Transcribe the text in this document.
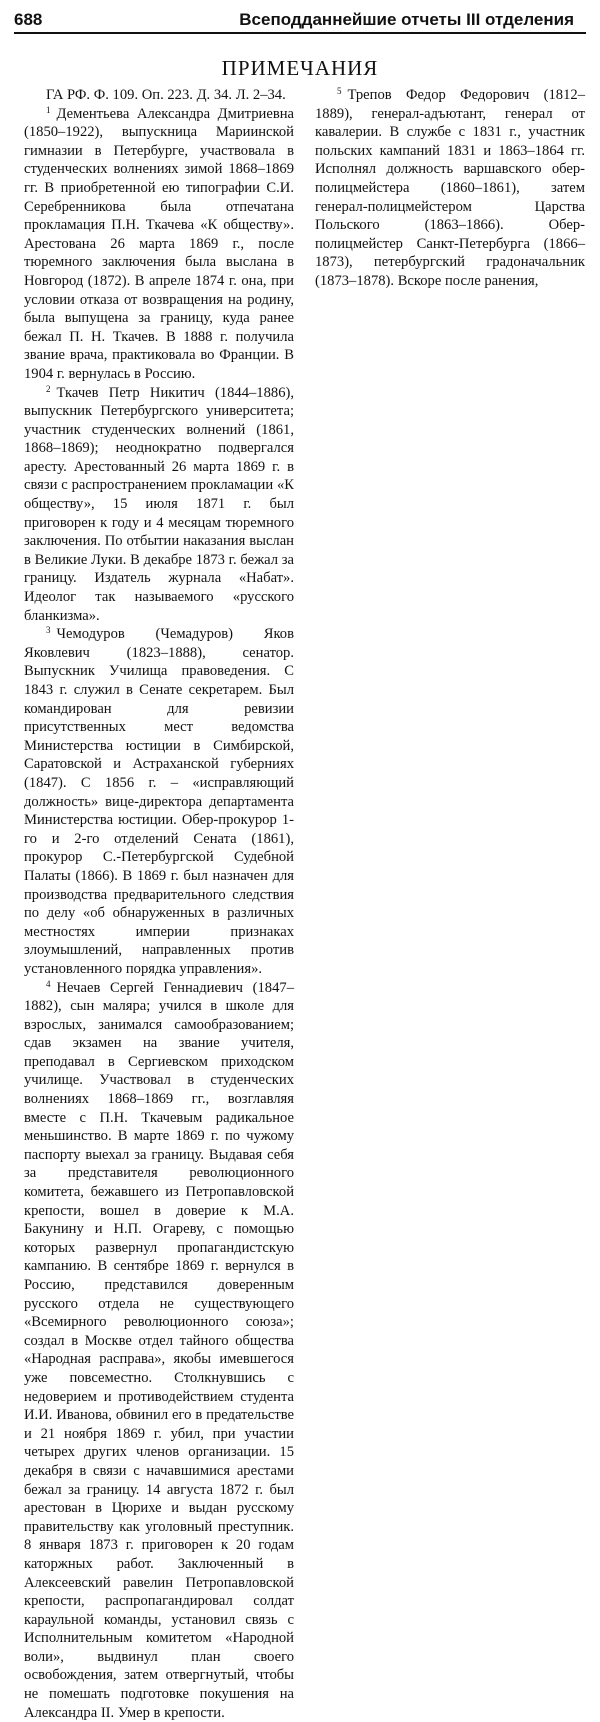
688	Всеподданнейшие отчеты III отделения
ПРИМЕЧАНИЯ

ГА РФ. Ф. 109. Оп. 223. Д. 34. Л. 2–34.

$^1$ Дементьева Александра Дмитриевна (1850–1922), выпускница Мариинской гимназии в Петербурге, участвовала в студенческих волнениях зимой 1868–1869 гг. В приобретенной ею типографии С.И. Серебренникова была отпечатана прокламация П.Н. Ткачева «К обществу». Арестована 26 марта 1869 г., после тюремного заключения была выслана в Новгород (1872). В апреле 1874 г. она, при условии отказа от возвращения на родину, была выпущена за границу, куда ранее бежал П. Н. Ткачев. В 1888 г. получила звание врача, практиковала во Франции. В 1904 г. вернулась в Россию.

$^2$ Ткачев Петр Никитич (1844–1886), выпускник Петербургского университета; участник студенческих волнений (1861, 1868–1869); неоднократно подвергался аресту. Арестованный 26 марта 1869 г. в связи с распространением прокламации «К обществу», 15 июля 1871 г. был приговорен к году и 4 месяцам тюремного заключения. По отбытии наказания выслан в Великие Луки. В декабре 1873 г. бежал за границу. Издатель журнала «Набат». Идеолог так называемого «русского бланкизма».

$^3$ Чемодуров (Чемадуров) Яков Яковлевич (1823–1888), сенатор. Выпускник Училища правоведения. С 1843 г. служил в Сенате секретарем. Был командирован для ревизии присутственных мест ведомства Министерства юстиции в Симбирской, Саратовской и Астраханской губерниях (1847). С 1856 г. – «исправляющий должность» вице-директора департамента Министерства юстиции. Обер-прокурор 1-го и 2-го отделений Сената (1861), прокурор С.-Петербургской Судебной Палаты (1866). В 1869 г. был назначен для производства предварительного следствия по делу «об обнаруженных в различных местностях империи признаках злоумышлений, направленных против установленного порядка управления».

$^4$ Нечаев Сергей Геннадиевич (1847–1882), сын маляра; учился в школе для взрослых, занимался самообразованием; сдав экзамен на звание учителя, преподавал в Сергиевском приходском училище. Участвовал в студенческих волнениях 1868–1869 гг., возглавляя вместе с П.Н. Ткачевым радикальное меньшинство. В марте 1869 г. по чужому паспорту выехал за границу. Выдавая себя за представителя революционного комитета, бежавшего из Петропавловской крепости, вошел в доверие к М.А. Бакунину и Н.П. Огареву, с помощью которых развернул пропагандистскую кампанию. В сентябре 1869 г. вернулся в Россию, представился доверенным русского отдела не существующего «Всемирного революционного союза»; создал в Москве отдел тайного общества «Народная расправа», якобы имевшегося уже повсеместно. Столкнувшись с недоверием и противодействием студента И.И. Иванова, обвинил его в предательстве и 21 ноября 1869 г. убил, при участии четырех других членов организации. 15 декабря в связи с начавшимися арестами бежал за границу. 14 августа 1872 г. был арестован в Цюрихе и выдан русскому правительству как уголовный преступник. 8 января 1873 г. приговорен к 20 годам каторжных работ. Заключенный в Алексеевский равелин Петропавловской крепости, распропагандировал солдат караульной команды, установил связь с Исполнительным комитетом «Народной воли», выдвинул план своего освобождения, затем отвергнутый, чтобы не помешать подготовке покушения на Александра II. Умер в крепости.

$^5$ Трепов Федор Федорович (1812–1889), генерал-адъютант, генерал от кавалерии. В службе с 1831 г., участник польских кампаний 1831 и 1863–1864 гг. Исполнял должность варшавского обер-полицмейстера (1860–1861), затем генерал-полицмейстером Царства Польского (1863–1866). Обер-полицмейстер Санкт-Петербурга (1866–1873), петербургский градоначальник (1873–1878). Вскоре после ранения,
